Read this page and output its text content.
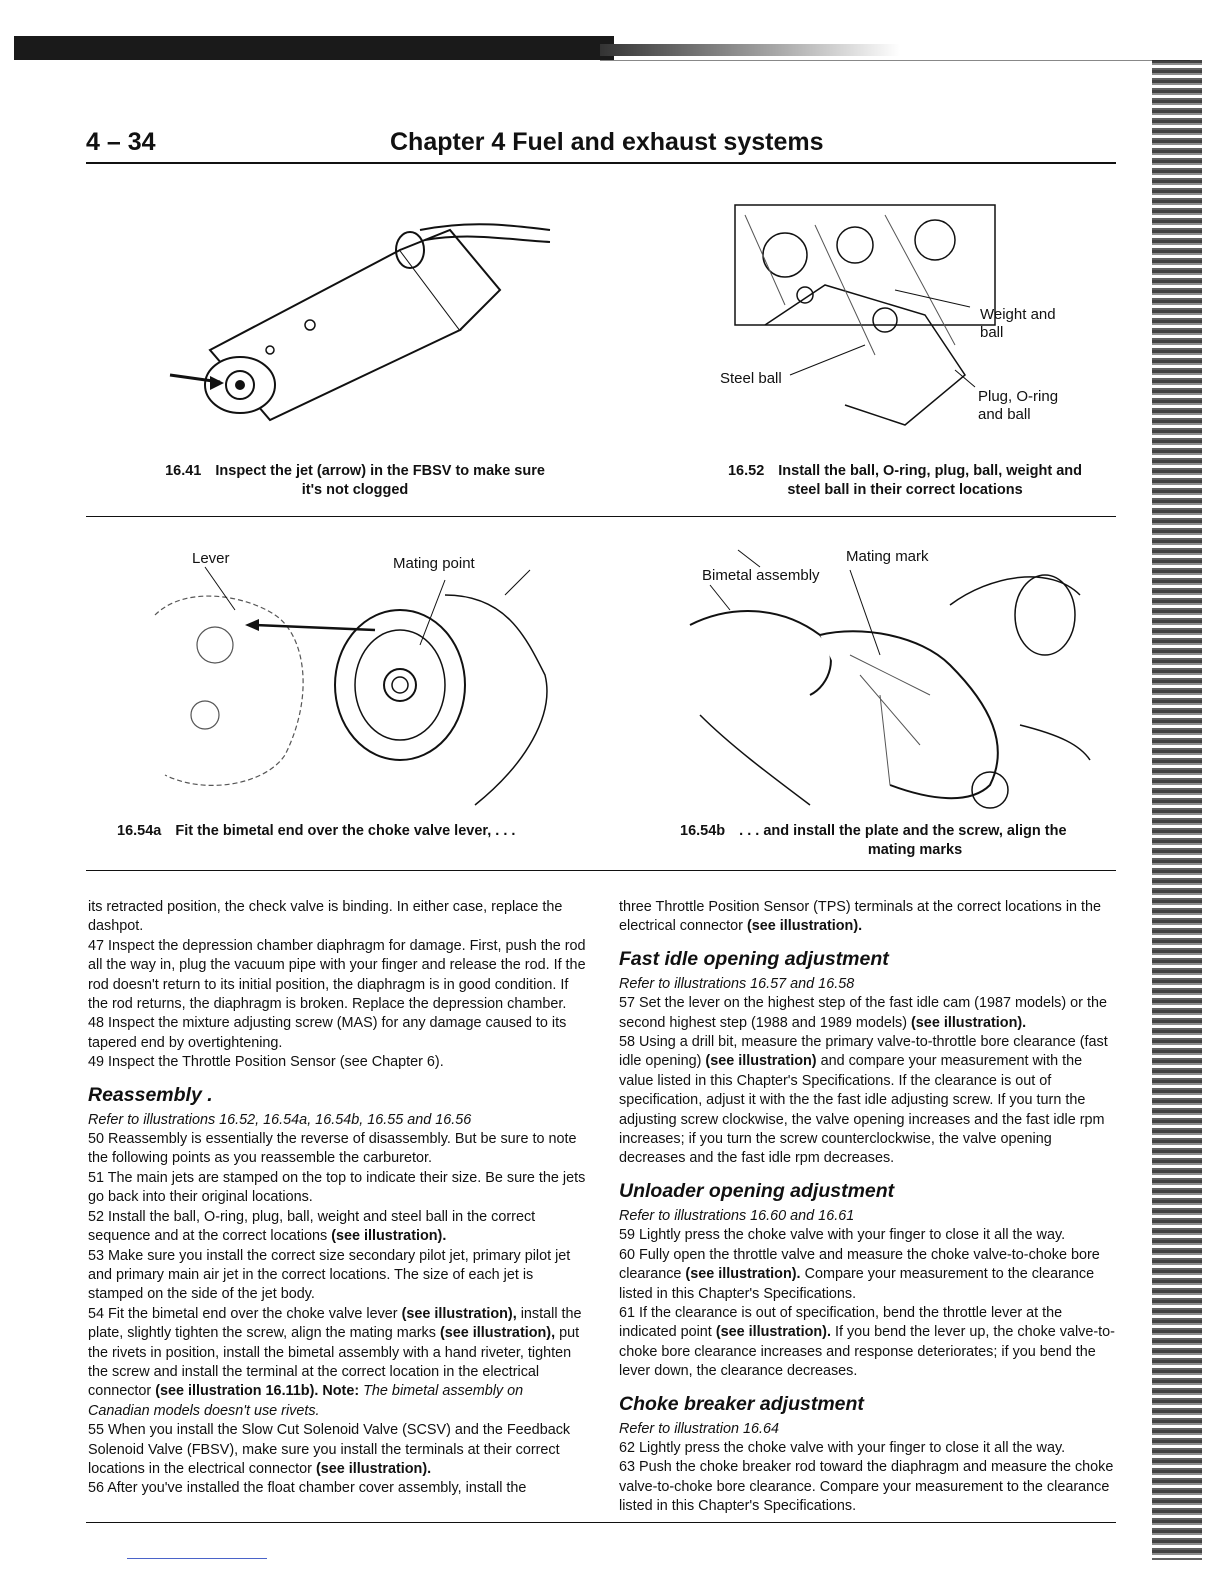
4 – 34	Chapter 4 Fuel and exhaust systems
16.41 Inspect the jet (arrow) in the FBSV to make sure
it's not clogged
Weight and
ball
Steel ball
Plug, O-ring
and ball
16.52 Install the ball, O-ring, plug, ball, weight and
steel ball in their correct locations
Lever	Mating point
16.54a Fit the bimetal end over the choke valve lever, . . .
Mating mark
Bimetal assembly
16.54b . . . and install the plate and the screw, align the
mating marks

its retracted position, the check valve is binding. In either case, replace the dashpot.

47 Inspect the depression chamber diaphragm for damage. First, push the rod all the way in, plug the vacuum pipe with your finger and release the rod. If the rod doesn't return to its initial position, the diaphragm is in good condition. If the rod returns, the diaphragm is broken. Replace the depression chamber.

48 Inspect the mixture adjusting screw (MAS) for any damage caused to its tapered end by overtightening.

49 Inspect the Throttle Position Sensor (see Chapter 6).

Reassembly .

Refer to illustrations 16.52, 16.54a, 16.54b, 16.55 and 16.56

50 Reassembly is essentially the reverse of disassembly. But be sure to note the following points as you reassemble the carburetor.

51 The main jets are stamped on the top to indicate their size. Be sure the jets go back into their original locations.

52 Install the ball, O-ring, plug, ball, weight and steel ball in the correct sequence and at the correct locations (see illustration).

53 Make sure you install the correct size secondary pilot jet, primary pilot jet and primary main air jet in the correct locations. The size of each jet is stamped on the side of the jet body.

54 Fit the bimetal end over the choke valve lever (see illustration), install the plate, slightly tighten the screw, align the mating marks (see illustration), put the rivets in position, install the bimetal assembly with a hand riveter, tighten the screw and install the terminal at the correct location in the electrical connector (see illustration 16.11b). Note: The bimetal assembly on Canadian models doesn't use rivets.

55 When you install the Slow Cut Solenoid Valve (SCSV) and the Feedback Solenoid Valve (FBSV), make sure you install the terminals at their correct locations in the electrical connector (see illustration).

56 After you've installed the float chamber cover assembly, install the

three Throttle Position Sensor (TPS) terminals at the correct locations in the electrical connector (see illustration).

Fast idle opening adjustment

Refer to illustrations 16.57 and 16.58

57 Set the lever on the highest step of the fast idle cam (1987 models) or the second highest step (1988 and 1989 models) (see illustration).

58 Using a drill bit, measure the primary valve-to-throttle bore clearance (fast idle opening) (see illustration) and compare your measurement with the value listed in this Chapter's Specifications. If the clearance is out of specification, adjust it with the the fast idle adjusting screw. If you turn the adjusting screw clockwise, the valve opening increases and the fast idle rpm increases; if you turn the screw counterclockwise, the valve opening decreases and the fast idle rpm decreases.

Unloader opening adjustment

Refer to illustrations 16.60 and 16.61

59 Lightly press the choke valve with your finger to close it all the way.

60 Fully open the throttle valve and measure the choke valve-to-choke bore clearance (see illustration). Compare your measurement to the clearance listed in this Chapter's Specifications.

61 If the clearance is out of specification, bend the throttle lever at the indicated point (see illustration). If you bend the lever up, the choke valve-to-choke bore clearance increases and response deteriorates; if you bend the lever down, the clearance decreases.

Choke breaker adjustment

Refer to illustration 16.64

62 Lightly press the choke valve with your finger to close it all the way.

63 Push the choke breaker rod toward the diaphragm and measure the choke valve-to-choke bore clearance. Compare your measurement to the clearance listed in this Chapter's Specifications.
